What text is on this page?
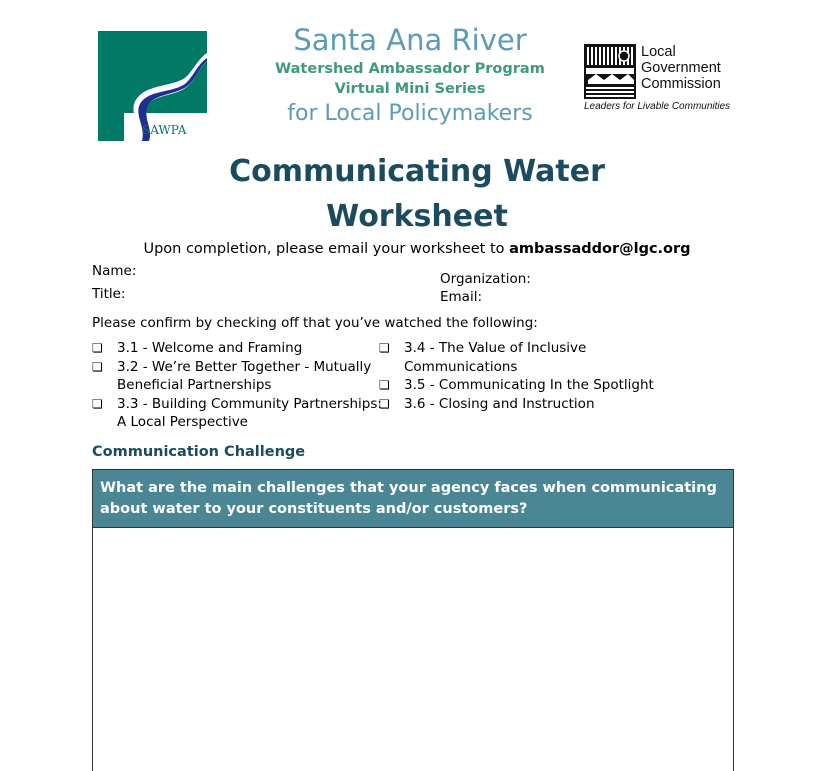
SAWPA
Santa Ana River
Watershed Ambassador Program
Virtual Mini Series
for Local Policymakers
Local
Government
Commission
Leaders for Livable Communities
Communicating Water
Worksheet
Upon completion, please email your worksheet to ambassaddor@lgc.org
Name:
Title:
Organization:
Email:
Please confirm by checking off that you’ve watched the following:
❏ 3.1 - Welcome and Framing
❏ 3.2 - We’re Better Together - Mutually Beneficial Partnerships
❏ 3.3 - Building Community Partnerships: A Local Perspective
❏ 3.4 - The Value of Inclusive Communications
❏ 3.5 - Communicating In the Spotlight
❏ 3.6 - Closing and Instruction
Communication Challenge
What are the main challenges that your agency faces when communicating about water to your constituents and/or customers?
